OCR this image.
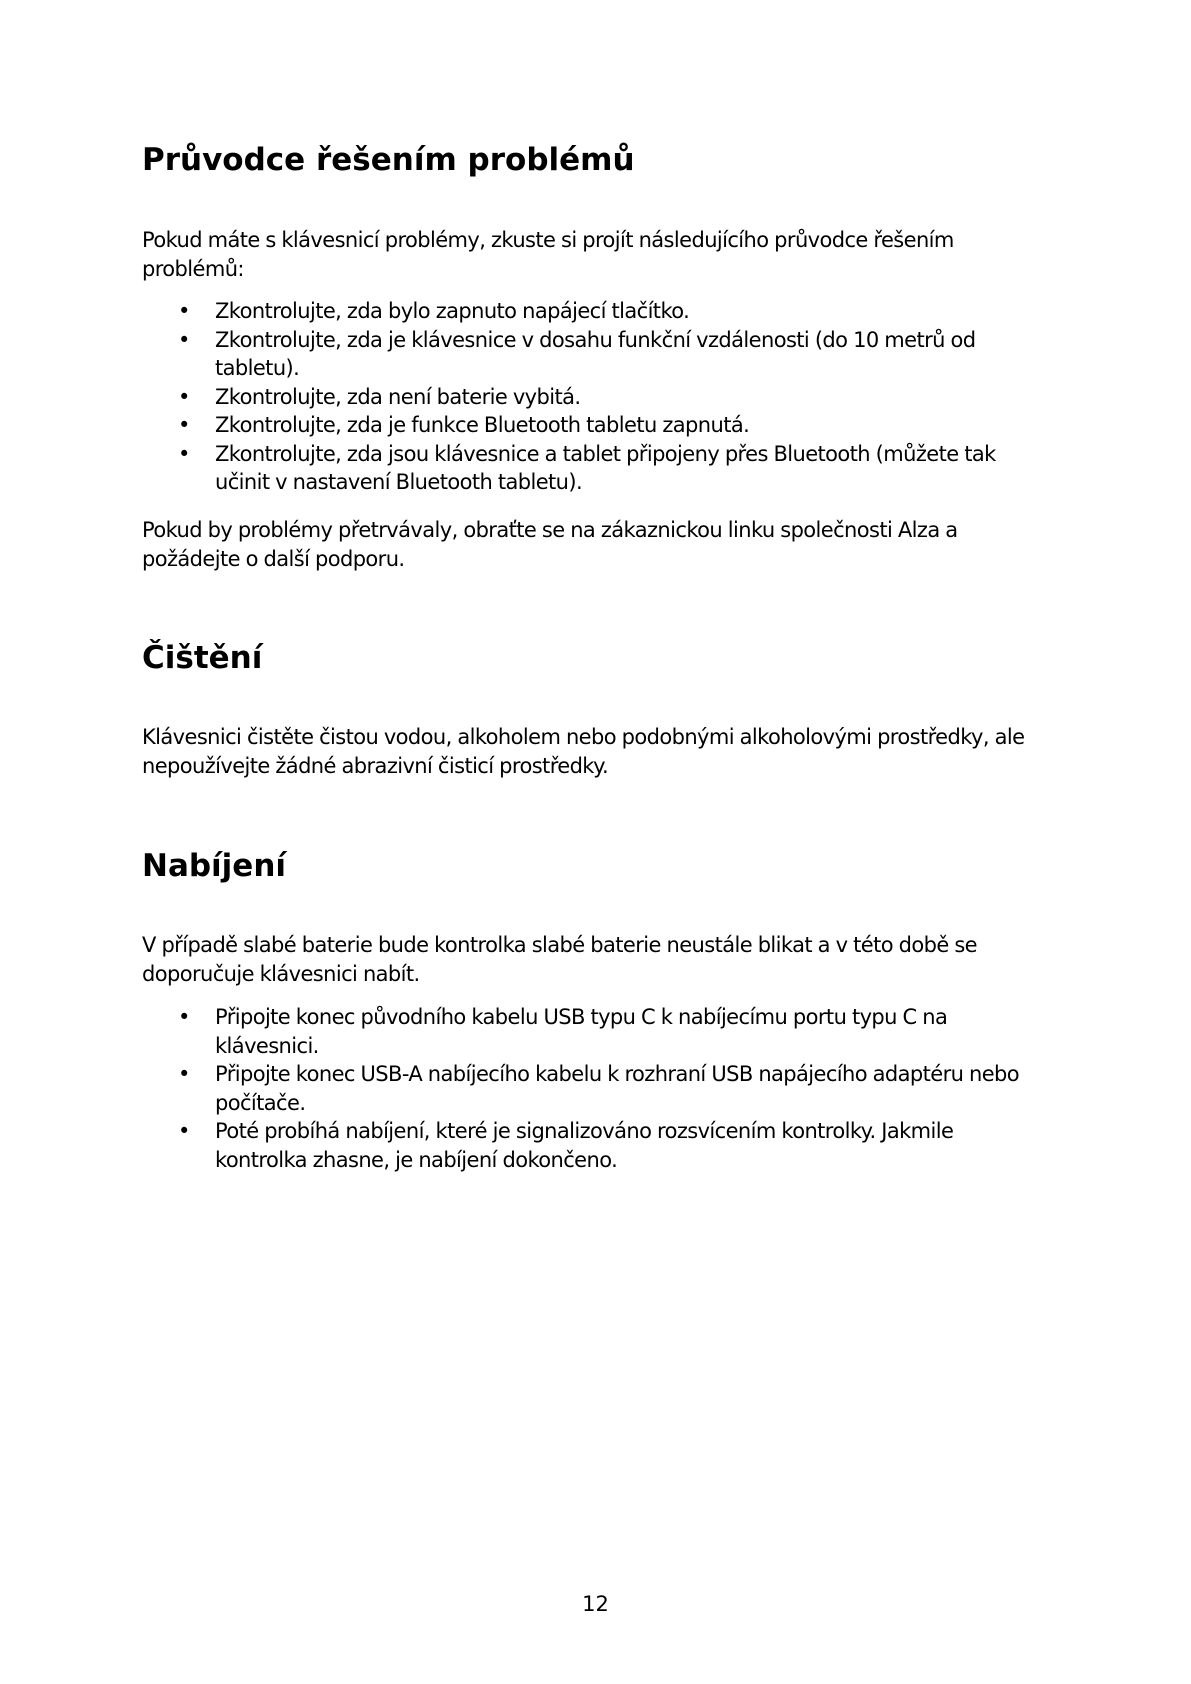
Průvodce řešením problémů

Pokud máte s klávesnicí problémy, zkuste si projít následujícího průvodce řešením problémů:

• Zkontrolujte, zda bylo zapnuto napájecí tlačítko.
• Zkontrolujte, zda je klávesnice v dosahu funkční vzdálenosti (do 10 metrů od tabletu).
• Zkontrolujte, zda není baterie vybitá.
• Zkontrolujte, zda je funkce Bluetooth tabletu zapnutá.
• Zkontrolujte, zda jsou klávesnice a tablet připojeny přes Bluetooth (můžete tak učinit v nastavení Bluetooth tabletu).

Pokud by problémy přetrvávaly, obraťte se na zákaznickou linku společnosti Alza a požádejte o další podporu.

Čištění

Klávesnici čistěte čistou vodou, alkoholem nebo podobnými alkoholovými prostředky, ale nepoužívejte žádné abrazivní čisticí prostředky.

Nabíjení

V případě slabé baterie bude kontrolka slabé baterie neustále blikat a v této době se doporučuje klávesnici nabít.

• Připojte konec původního kabelu USB typu C k nabíjecímu portu typu C na klávesnici.
• Připojte konec USB-A nabíjecího kabelu k rozhraní USB napájecího adaptéru nebo počítače.
• Poté probíhá nabíjení, které je signalizováno rozsvícením kontrolky. Jakmile kontrolka zhasne, je nabíjení dokončeno.
12
